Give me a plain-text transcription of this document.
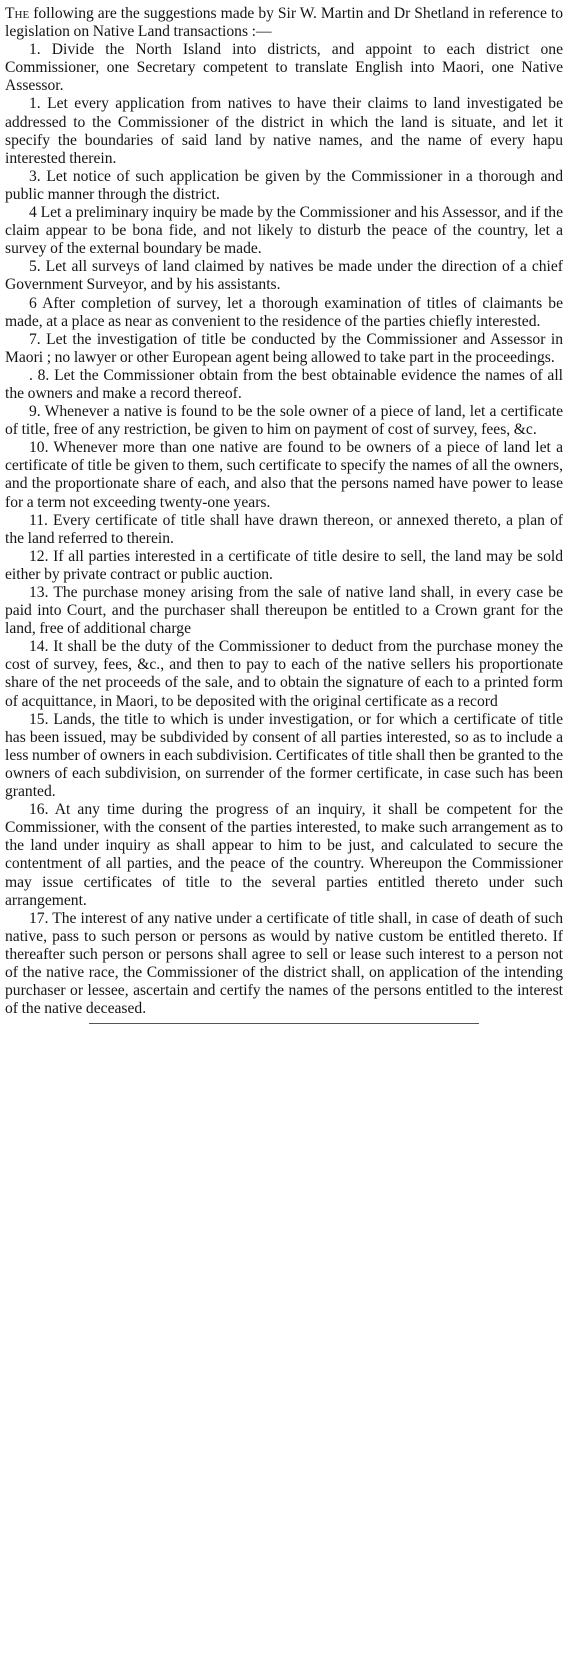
The following are the suggestions made by Sir W. Martin and Dr Shetland in reference to legislation on Native Land transactions :—

1. Divide the North Island into districts, and appoint to each district one Commissioner, one Secretary competent to translate English into Maori, one Native Assessor.

1. Let every application from natives to have their claims to land investigated be addressed to the Commissioner of the district in which the land is situate, and let it specify the boundaries of said land by native names, and the name of every hapu interested therein.

3. Let notice of such application be given by the Commissioner in a thorough and public manner through the district.

4 Let a preliminary inquiry be made by the Commissioner and his Assessor, and if the claim appear to be bona fide, and not likely to disturb the peace of the country, let a survey of the external boundary be made.

5. Let all surveys of land claimed by natives be made under the direction of a chief Government Surveyor, and by his assistants.

6 After completion of survey, let a thorough examination of titles of claimants be made, at a place as near as convenient to the residence of the parties chiefly interested.

7. Let the investigation of title be conducted by the Commissioner and Assessor in Maori ; no lawyer or other European agent being allowed to take part in the proceedings.

. 8. Let the Commissioner obtain from the best obtainable evidence the names of all the owners and make a record thereof.

9. Whenever a native is found to be the sole owner of a piece of land, let a certificate of title, free of any restriction, be given to him on payment of cost of survey, fees, &c.

10. Whenever more than one native are found to be owners of a piece of land let a certificate of title be given to them, such certificate to specify the names of all the owners, and the proportionate share of each, and also that the persons named have power to lease for a term not exceeding twenty-one years.

11. Every certificate of title shall have drawn thereon, or annexed thereto, a plan of the land referred to therein.

12. If all parties interested in a certificate of title desire to sell, the land may be sold either by private contract or public auction.

13. The purchase money arising from the sale of native land shall, in every case be paid into Court, and the purchaser shall thereupon be entitled to a Crown grant for the land, free of additional charge

14. It shall be the duty of the Commissioner to deduct from the purchase money the cost of survey, fees, &c., and then to pay to each of the native sellers his proportionate share of the net proceeds of the sale, and to obtain the signature of each to a printed form of acquittance, in Maori, to be deposited with the original certificate as a record

15. Lands, the title to which is under investigation, or for which a certificate of title has been issued, may be subdivided by consent of all parties interested, so as to include a less number of owners in each subdivision. Certificates of title shall then be granted to the owners of each subdivision, on surrender of the former certificate, in case such has been granted.

16. At any time during the progress of an inquiry, it shall be competent for the Commissioner, with the consent of the parties interested, to make such arrangement as to the land under inquiry as shall appear to him to be just, and calculated to secure the contentment of all parties, and the peace of the country. Whereupon the Commissioner may issue certificates of title to the several parties entitled thereto under such arrangement.

17. The interest of any native under a certificate of title shall, in case of death of such native, pass to such person or persons as would by native custom be entitled thereto. If thereafter such person or persons shall agree to sell or lease such interest to a person not of the native race, the Commissioner of the district shall, on application of the intending purchaser or lessee, ascertain and certify the names of the persons entitled to the interest of the native deceased.
